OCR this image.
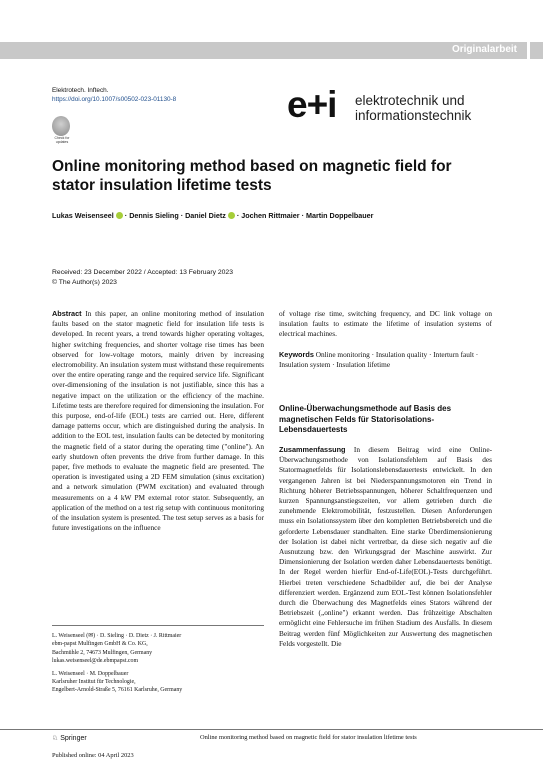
Originalarbeit
Elektrotech. Inftech.
https://doi.org/10.1007/s00502-023-01130-8
Check for updates
e+i elektrotechnik und
informationstechnik
Online monitoring method based on magnetic field for stator insulation lifetime tests
Lukas Weisenseel  · Dennis Sieling · Daniel Dietz  · Jochen Rittmaier · Martin Doppelbauer
Received: 23 December 2022 / Accepted: 13 February 2023
© The Author(s) 2023
Abstract In this paper, an online monitoring method of insulation faults based on the stator magnetic field for insulation life tests is developed. In recent years, a trend towards higher operating voltages, higher switching frequencies, and shorter voltage rise times has been observed for low-voltage motors, mainly driven by increasing electromobility. An insulation system must withstand these requirements over the entire operating range and the required service life. Significant over-dimensioning of the insulation is not justifiable, since this has a negative impact on the utilization or the efficiency of the machine. Lifetime tests are therefore required for dimensioning the insulation. For this purpose, end-of-life (EOL) tests are carried out. Here, different damage patterns occur, which are distinguished during the analysis. In addition to the EOL test, insulation faults can be detected by monitoring the magnetic field of a stator during the operating time ("online"). An early shutdown often prevents the drive from further damage. In this paper, five methods to evaluate the magnetic field are presented. The operation is investigated using a 2D FEM simulation (sinus excitation) and a network simulation (PWM excitation) and evaluated through measurements on a 4 kW PM external rotor stator. Subsequently, an application of the method on a test rig setup with continuous monitoring of the insulation system is presented. The test setup serves as a basis for future investigations on the influence
of voltage rise time, switching frequency, and DC link voltage on insulation faults to estimate the lifetime of insulation systems of electrical machines.
Keywords Online monitoring · Insulation quality · Interturn fault · Insulation system · Insulation lifetime
Online-Überwachungsmethode auf Basis des magnetischen Felds für Statorisolations-Lebensdauertests
Zusammenfassung In diesem Beitrag wird eine Online-Überwachungsmethode von Isolationsfehlern auf Basis des Statormagnetfelds für Isolationslebensdauertests entwickelt. In den vergangenen Jahren ist bei Niederspannungsmotoren ein Trend in Richtung höherer Betriebsspannungen, höherer Schaltfrequenzen und kurzen Spannungsanstiegszeiten, vor allem getrieben durch die zunehmende Elektromobilität, festzustellen. Diesen Anforderungen muss ein Isolationssystem über den kompletten Betriebsbereich und die geforderte Lebensdauer standhalten. Eine starke Überdimensionierung der Isolation ist dabei nicht vertretbar, da diese sich negativ auf die Ausnutzung bzw. den Wirkungsgrad der Maschine auswirkt. Zur Dimensionierung der Isolation werden daher Lebensdauertests benötigt. In der Regel werden hierfür End-of-Life(EOL)-Tests durchgeführt. Hierbei treten verschiedene Schadbilder auf, die bei der Analyse differenziert werden. Ergänzend zum EOL-Test können Isolationsfehler durch die Überwachung des Magnetfelds eines Stators während der Betriebszeit („online") erkannt werden. Das frühzeitige Abschalten ermöglicht eine Fehlersuche im frühen Stadium des Ausfalls. In diesem Beitrag werden fünf Möglichkeiten zur Auswertung des magnetischen Felds vorgestellt. Die
L. Weisenseel (✉) · D. Sieling · D. Dietz · J. Rittmaier
ebm-papst Mulfingen GmbH & Co. KG,
Bachmühle 2, 74673 Mulfingen, Germany
lukas.weisenseel@de.ebmpapst.com
L. Weisenseel · M. Doppelbauer
Karlsruher Institut für Technologie,
Engelbert-Arnold-Straße 5, 76161 Karlsruhe, Germany
♘ Springer	Online monitoring method based on magnetic field for stator insulation lifetime tests
Published online: 04 April 2023
